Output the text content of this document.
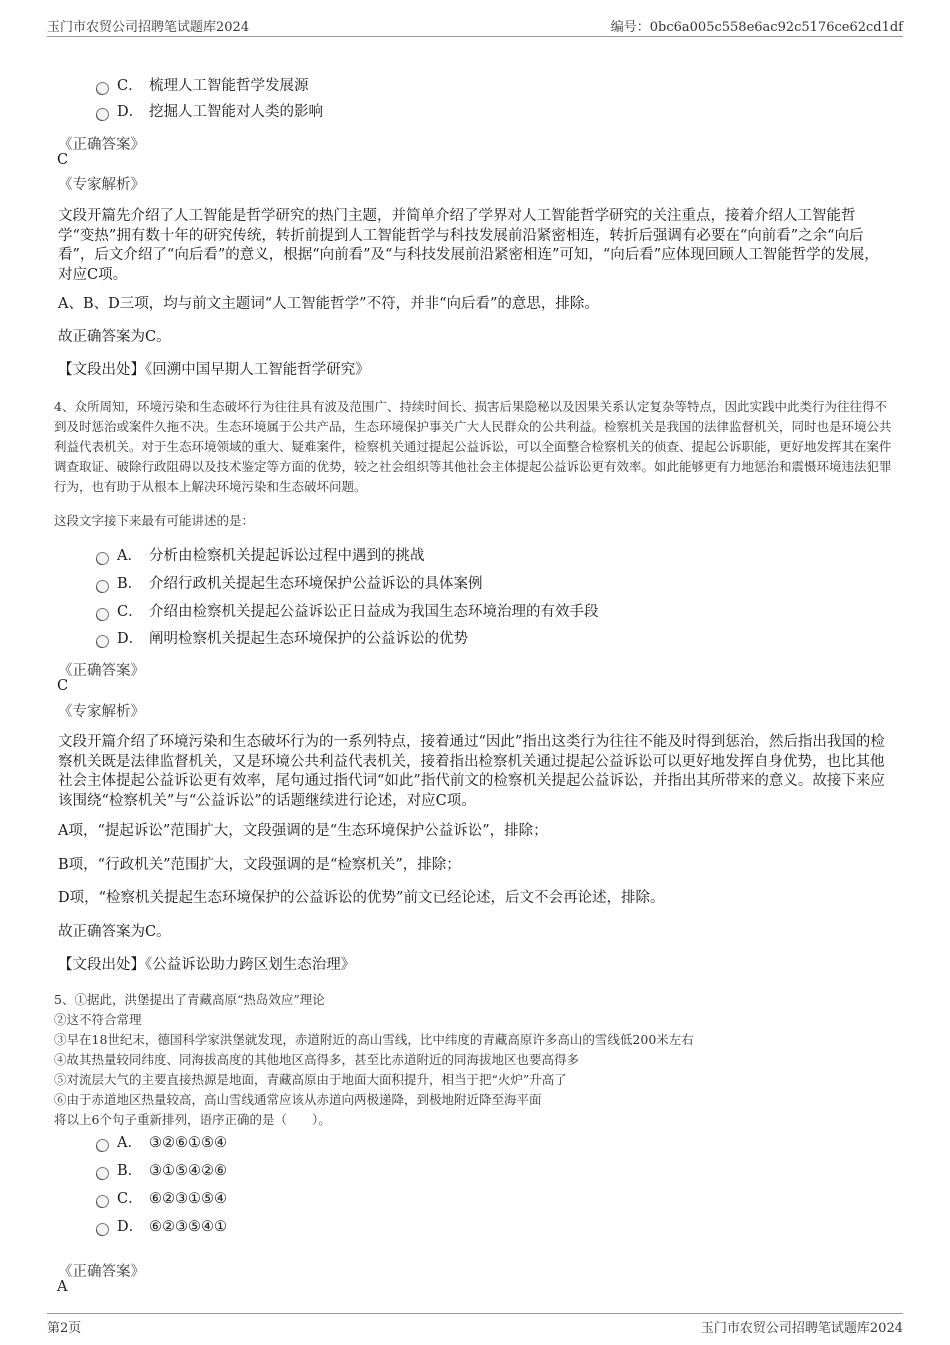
玉门市农贸公司招聘笔试题库2024	编号：0bc6a005c558e6ac92c5176ce62cd1df
C． 梳理人工智能哲学发展源
D． 挖掘人工智能对人类的影响
《正确答案》
C
《专家解析》
文段开篇先介绍了人工智能是哲学研究的热门主题，并简单介绍了学界对人工智能哲学研究的关注重点，接着介绍人工智能哲学“变热”拥有数十年的研究传统，转折前提到人工智能哲学与科技发展前沿紧密相连，转折后强调有必要在“向前看”之余“向后看”，后文介绍了“向后看”的意义，根据“向前看”及“与科技发展前沿紧密相连”可知，“向后看”应体现回顾人工智能哲学的发展，对应C项。
A、B、D三项，均与前文主题词“人工智能哲学”不符，并非“向后看”的意思，排除。
故正确答案为C。
【文段出处】《回溯中国早期人工智能哲学研究》
4、众所周知，环境污染和生态破坏行为往往具有波及范围广、持续时间长、损害后果隐秘以及因果关系认定复杂等特点，因此实践中此类行为往往得不到及时惩治或案件久拖不决。生态环境属于公共产品，生态环境保护事关广大人民群众的公共利益。检察机关是我国的法律监督机关，同时也是环境公共利益代表机关。对于生态环境领域的重大、疑难案件，检察机关通过提起公益诉讼，可以全面整合检察机关的侦查、提起公诉职能，更好地发挥其在案件调查取证、破除行政阻碍以及技术鉴定等方面的优势，较之社会组织等其他社会主体提起公益诉讼更有效率。如此能够更有力地惩治和震慑环境违法犯罪行为，也有助于从根本上解决环境污染和生态破坏问题。
这段文字接下来最有可能讲述的是：
A． 分析由检察机关提起诉讼过程中遇到的挑战
B． 介绍行政机关提起生态环境保护公益诉讼的具体案例
C． 介绍由检察机关提起公益诉讼正日益成为我国生态环境治理的有效手段
D． 阐明检察机关提起生态环境保护的公益诉讼的优势
《正确答案》
C
《专家解析》
文段开篇介绍了环境污染和生态破坏行为的一系列特点，接着通过“因此”指出这类行为往往不能及时得到惩治，然后指出我国的检察机关既是法律监督机关，又是环境公共利益代表机关，接着指出检察机关通过提起公益诉讼可以更好地发挥自身优势，也比其他社会主体提起公益诉讼更有效率，尾句通过指代词“如此”指代前文的检察机关提起公益诉讼，并指出其所带来的意义。故接下来应该围绕“检察机关”与“公益诉讼”的话题继续进行论述，对应C项。
A项，“提起诉讼”范围扩大，文段强调的是“生态环境保护公益诉讼”，排除；
B项，“行政机关”范围扩大，文段强调的是“检察机关”，排除；
D项，“检察机关提起生态环境保护的公益诉讼的优势”前文已经论述，后文不会再论述，排除。
故正确答案为C。
【文段出处】《公益诉讼助力跨区划生态治理》
5、①据此，洪堡提出了青藏高原“热岛效应”理论
②这不符合常理
③早在18世纪末，德国科学家洪堡就发现，赤道附近的高山雪线，比中纬度的青藏高原许多高山的雪线低200米左右
④故其热量较同纬度、同海拔高度的其他地区高得多，甚至比赤道附近的同海拔地区也要高得多
⑤对流层大气的主要直接热源是地面，青藏高原由于地面大面积提升，相当于把“火炉”升高了
⑥由于赤道地区热量较高，高山雪线通常应该从赤道向两极递降，到极地附近降至海平面
将以上6个句子重新排列，语序正确的是（　　）。
A． ③②⑥①⑤④
B． ③①⑤④②⑥
C． ⑥②③①⑤④
D． ⑥②③⑤④①
《正确答案》
A
第2页	玉门市农贸公司招聘笔试题库2024
